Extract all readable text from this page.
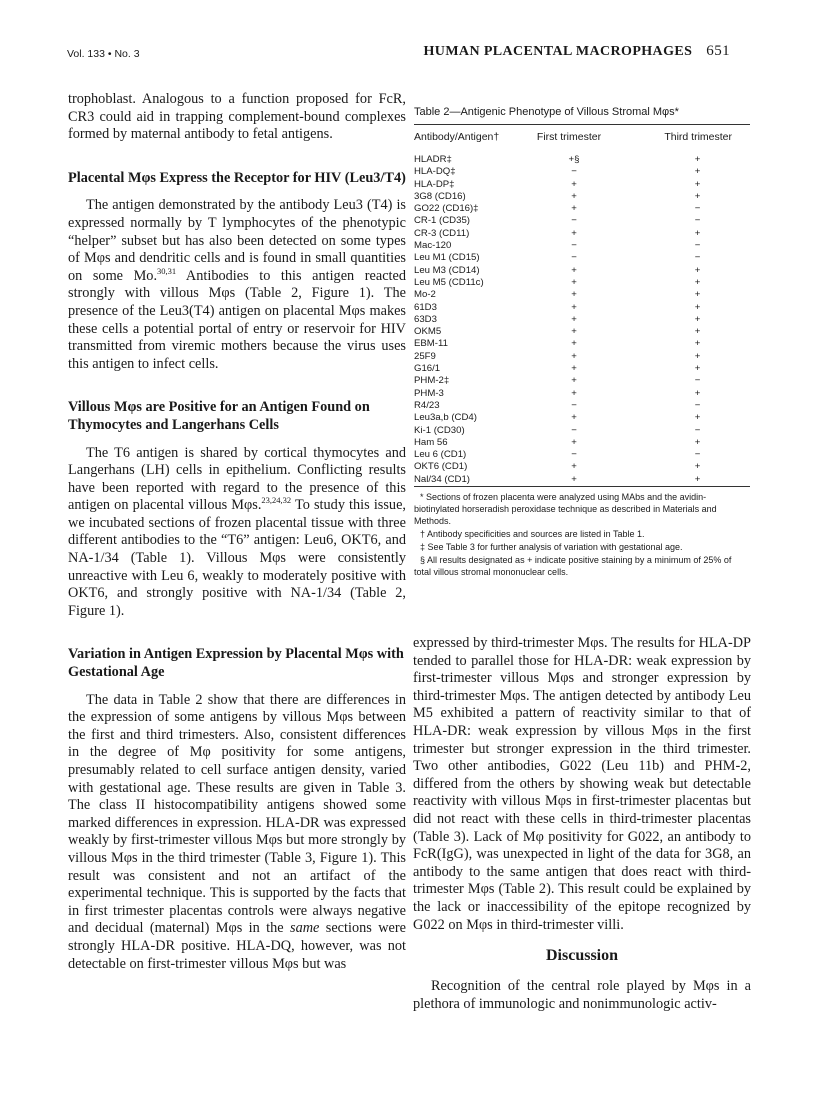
Vol. 133 • No. 3	HUMAN PLACENTAL MACROPHAGES 651

trophoblast. Analogous to a function proposed for FcR, CR3 could aid in trapping complement-bound complexes formed by maternal antibody to fetal antigens.

Placental Mφs Express the Receptor for HIV (Leu3/T4)

The antigen demonstrated by the antibody Leu3 (T4) is expressed normally by T lymphocytes of the phenotypic “helper” subset but has also been detected on some types of Mφs and dendritic cells and is found in small quantities on some Mo.$^{30,31}$ Antibodies to this antigen reacted strongly with villous Mφs (Table 2, Figure 1). The presence of the Leu3(T4) antigen on placental Mφs makes these cells a potential portal of entry or reservoir for HIV transmitted from viremic mothers because the virus uses this antigen to infect cells.

Villous Mφs are Positive for an Antigen Found on Thymocytes and Langerhans Cells

The T6 antigen is shared by cortical thymocytes and Langerhans (LH) cells in epithelium. Conflicting results have been reported with regard to the presence of this antigen on placental villous Mφs.$^{23,24,32}$ To study this issue, we incubated sections of frozen placental tissue with three different antibodies to the “T6” antigen: Leu6, OKT6, and NA-1/34 (Table 1). Villous Mφs were consistently unreactive with Leu 6, weakly to moderately positive with OKT6, and strongly positive with NA-1/34 (Table 2, Figure 1).

Variation in Antigen Expression by Placental Mφs with Gestational Age

The data in Table 2 show that there are differences in the expression of some antigens by villous Mφs between the first and third trimesters. Also, consistent differences in the degree of Mφ positivity for some antigens, presumably related to cell surface antigen density, varied with gestational age. These results are given in Table 3. The class II histocompatibility antigens showed some marked differences in expression. HLA-DR was expressed weakly by first-trimester villous Mφs but more strongly by villous Mφs in the third trimester (Table 3, Figure 1). This result was consistent and not an artifact of the experimental technique. This is supported by the facts that in first trimester placentas controls were always negative and decidual (maternal) Mφs in the same sections were strongly HLA-DR positive. HLA-DQ, however, was not detectable on first-trimester villous Mφs but was

Table 2—Antigenic Phenotype of Villous Stromal Mφs*
Antibody/Antigen†	First trimester	Third trimester
HLADR‡	+§	+
HLA-DQ‡	−	+
HLA-DP‡	+	+
3G8 (CD16)	+	+
GO22 (CD16)‡	+	−
CR-1 (CD35)	−	−
CR-3 (CD11)	+	+
Mac-120	−	−
Leu M1 (CD15)	−	−
Leu M3 (CD14)	+	+
Leu M5 (CD11c)	+	+
Mo-2	+	+
61D3	+	+
63D3	+	+
OKM5	+	+
EBM-11	+	+
25F9	+	+
G16/1	+	+
PHM-2‡	+	−
PHM-3	+	+
R4/23	−	−
Leu3a,b (CD4)	+	+
Ki-1 (CD30)	−	−
Ham 56	+	+
Leu 6 (CD1)	−	−
OKT6 (CD1)	+	+
Nal/34 (CD1)	+	+

* Sections of frozen placenta were analyzed using MAbs and the avidin-biotinylated horseradish peroxidase technique as described in Materials and Methods.

† Antibody specificities and sources are listed in Table 1.

‡ See Table 3 for further analysis of variation with gestational age.

§ All results designated as + indicate positive staining by a minimum of 25% of total villous stromal mononuclear cells.

expressed by third-trimester Mφs. The results for HLA-DP tended to parallel those for HLA-DR: weak expression by first-trimester villous Mφs and stronger expression by third-trimester Mφs. The antigen detected by antibody Leu M5 exhibited a pattern of reactivity similar to that of HLA-DR: weak expression by villous Mφs in the first trimester but stronger expression in the third trimester. Two other antibodies, G022 (Leu 11b) and PHM-2, differed from the others by showing weak but detectable reactivity with villous Mφs in first-trimester placentas but did not react with these cells in third-trimester placentas (Table 3). Lack of Mφ positivity for G022, an antibody to FcR(IgG), was unexpected in light of the data for 3G8, an antibody to the same antigen that does react with third-trimester Mφs (Table 2). This result could be explained by the lack or inaccessibility of the epitope recognized by G022 on Mφs in third-trimester villi.

Discussion

Recognition of the central role played by Mφs in a plethora of immunologic and nonimmunologic activ-
